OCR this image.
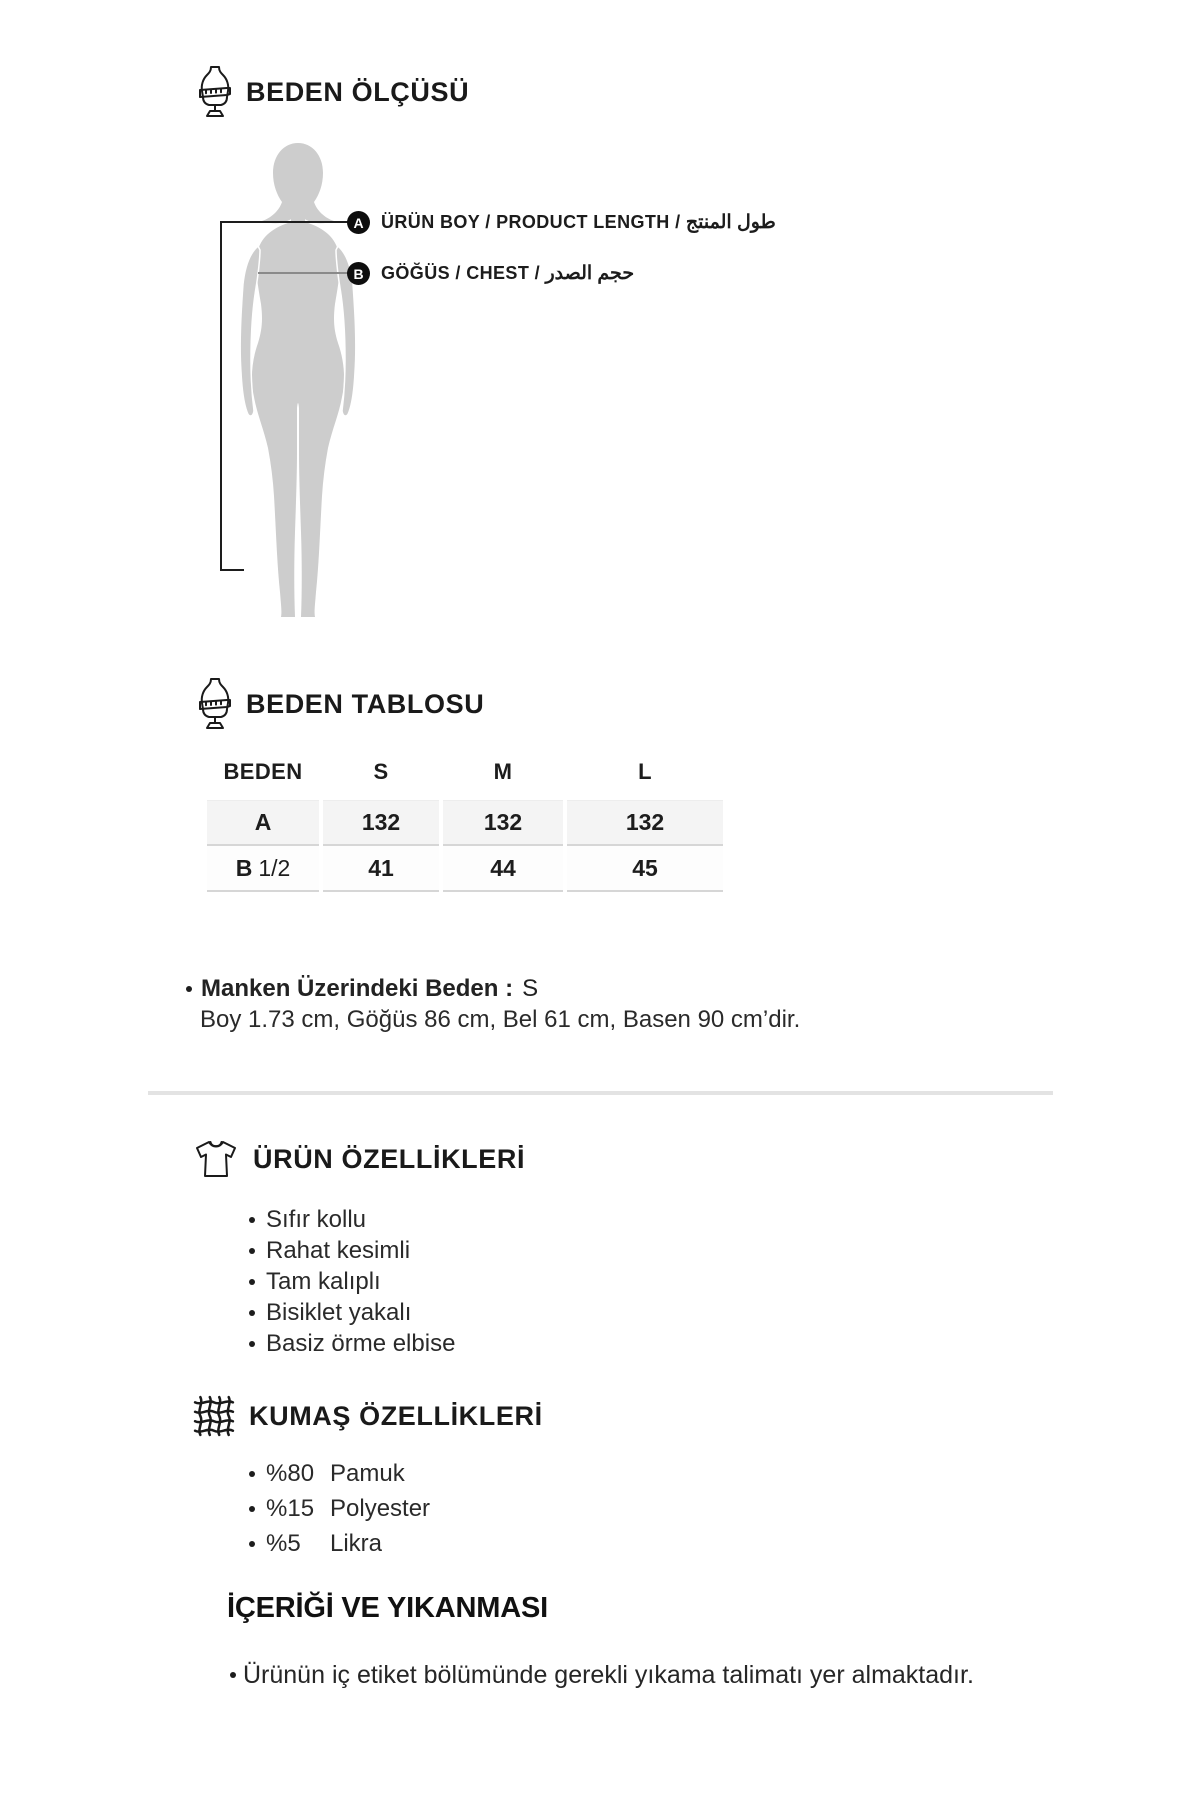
BEDEN ÖLÇÜSÜ
A
B
ÜRÜN BOY / PRODUCT LENGTH / طول المنتج
GÖĞÜS / CHEST / حجم الصدر
BEDEN TABLOSU
BEDEN	S	M	L
A	132	132	132
B 1/2	41	44	45
Manken Üzerindeki Beden : S
Boy 1.73 cm, Göğüs 86 cm, Bel 61 cm, Basen 90 cm’dir.
ÜRÜN ÖZELLİKLERİ
Sıfır kollu
Rahat kesimli
Tam kalıplı
Bisiklet yakalı
Basiz örme elbise
KUMAŞ ÖZELLİKLERİ
%80 Pamuk
%15 Polyester
%5	Likra
İÇERİĞİ VE YIKANMASI
Ürünün iç etiket bölümünde gerekli yıkama talimatı yer almaktadır.
